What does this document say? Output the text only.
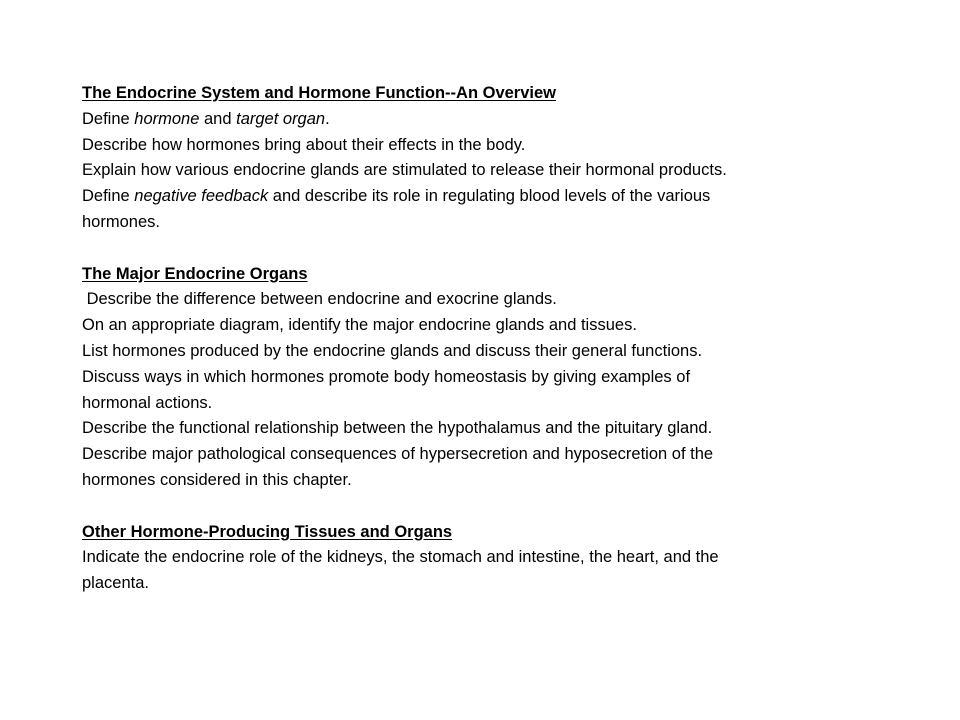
The Endocrine System and Hormone Function--An Overview
Define hormone and target organ.
Describe how hormones bring about their effects in the body.
Explain how various endocrine glands are stimulated to release their hormonal products.
Define negative feedback and describe its role in regulating blood levels of the various
hormones.
The Major Endocrine Organs
Describe the difference between endocrine and exocrine glands.
On an appropriate diagram, identify the major endocrine glands and tissues.
List hormones produced by the endocrine glands and discuss their general functions.
Discuss ways in which hormones promote body homeostasis by giving examples of
hormonal actions.
Describe the functional relationship between the hypothalamus and the pituitary gland.
Describe major pathological consequences of hypersecretion and hyposecretion of the
hormones considered in this chapter.
Other Hormone-Producing Tissues and Organs
Indicate the endocrine role of the kidneys, the stomach and intestine, the heart, and the
placenta.
